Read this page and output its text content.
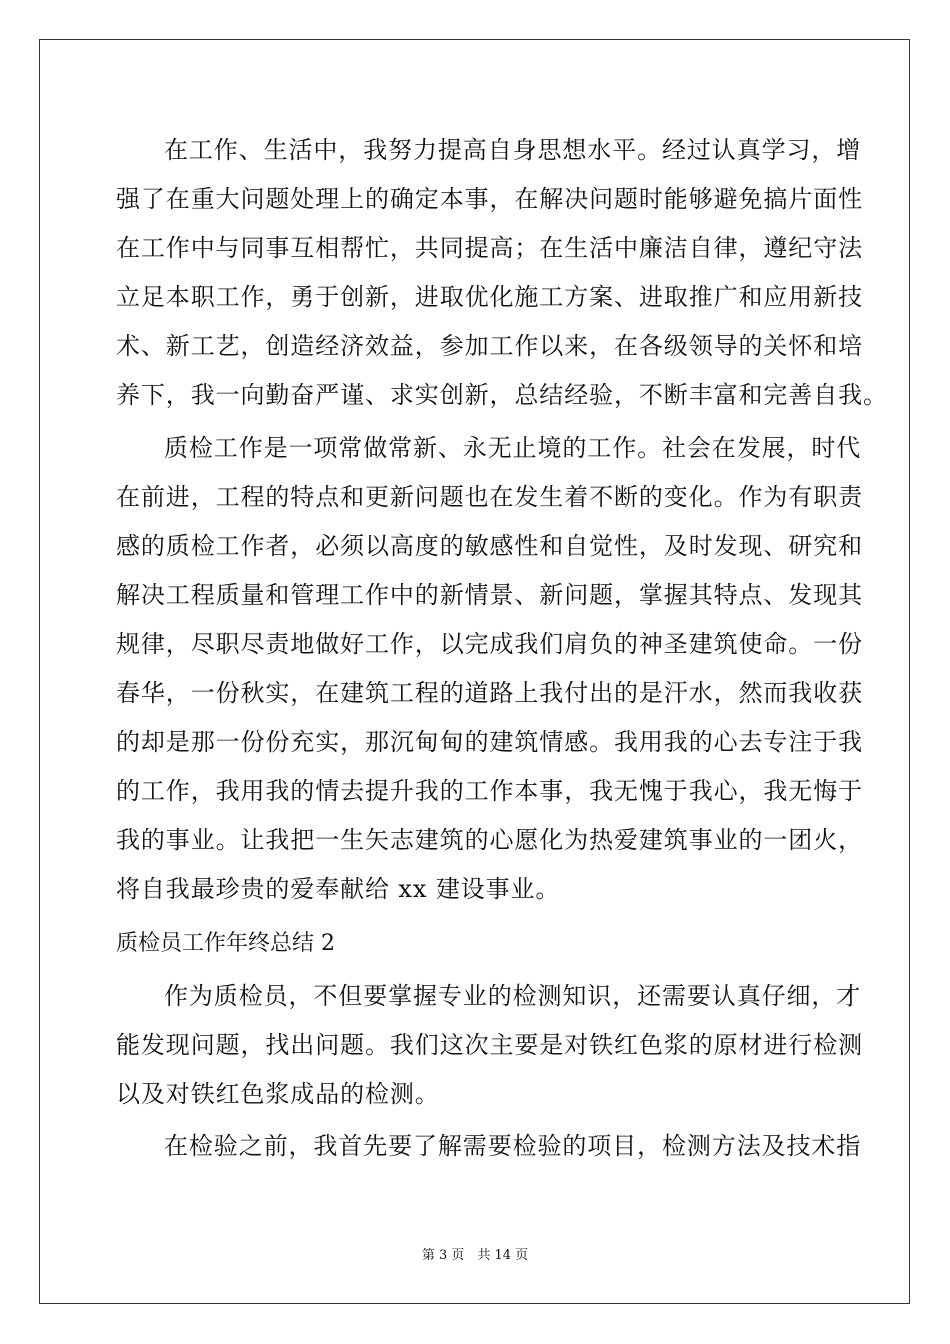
在工作、生活中，我努力提高自身思想水平。经过认真学习，增
强了在重大问题处理上的确定本事，在解决问题时能够避免搞片面性
在工作中与同事互相帮忙，共同提高；在生活中廉洁自律，遵纪守法
立足本职工作，勇于创新，进取优化施工方案、进取推广和应用新技
术、新工艺，创造经济效益，参加工作以来，在各级领导的关怀和培
养下，我一向勤奋严谨、求实创新，总结经验，不断丰富和完善自我。
质检工作是一项常做常新、永无止境的工作。社会在发展，时代
在前进，工程的特点和更新问题也在发生着不断的变化。作为有职责
感的质检工作者，必须以高度的敏感性和自觉性，及时发现、研究和
解决工程质量和管理工作中的新情景、新问题，掌握其特点、发现其
规律，尽职尽责地做好工作，以完成我们肩负的神圣建筑使命。一份
春华，一份秋实，在建筑工程的道路上我付出的是汗水，然而我收获
的却是那一份份充实，那沉甸甸的建筑情感。我用我的心去专注于我
的工作，我用我的情去提升我的工作本事，我无愧于我心，我无悔于
我的事业。让我把一生矢志建筑的心愿化为热爱建筑事业的一团火，
将自我最珍贵的爱奉献给 xx 建设事业。
质检员工作年终总结 2
作为质检员，不但要掌握专业的检测知识，还需要认真仔细，才
能发现问题，找出问题。我们这次主要是对铁红色浆的原材进行检测
以及对铁红色浆成品的检测。
在检验之前，我首先要了解需要检验的项目，检测方法及技术指
第 3 页　共 14 页
